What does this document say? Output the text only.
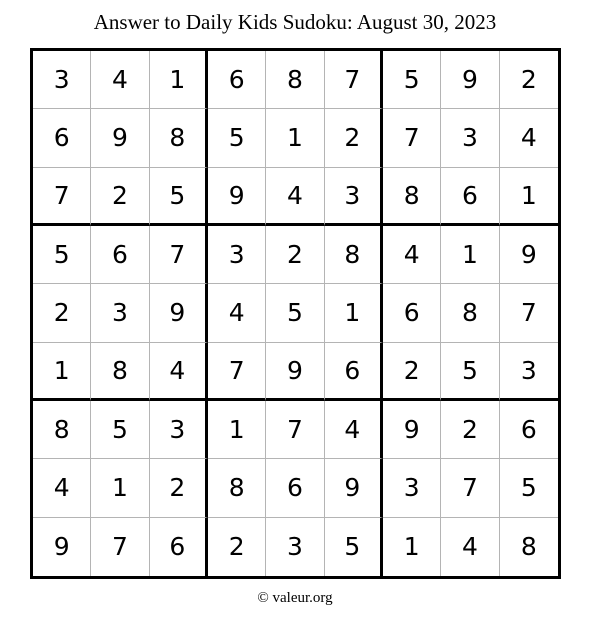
Answer to Daily Kids Sudoku: August 30, 2023
3	4	1	6	8	7	5	9	2
6	9	8	5	1	2	7	3	4
7	2	5	9	4	3	8	6	1
5	6	7	3	2	8	4	1	9
2	3	9	4	5	1	6	8	7
1	8	4	7	9	6	2	5	3
8	5	3	1	7	4	9	2	6
4	1	2	8	6	9	3	7	5
9	7	6	2	3	5	1	4	8
© valeur.org
